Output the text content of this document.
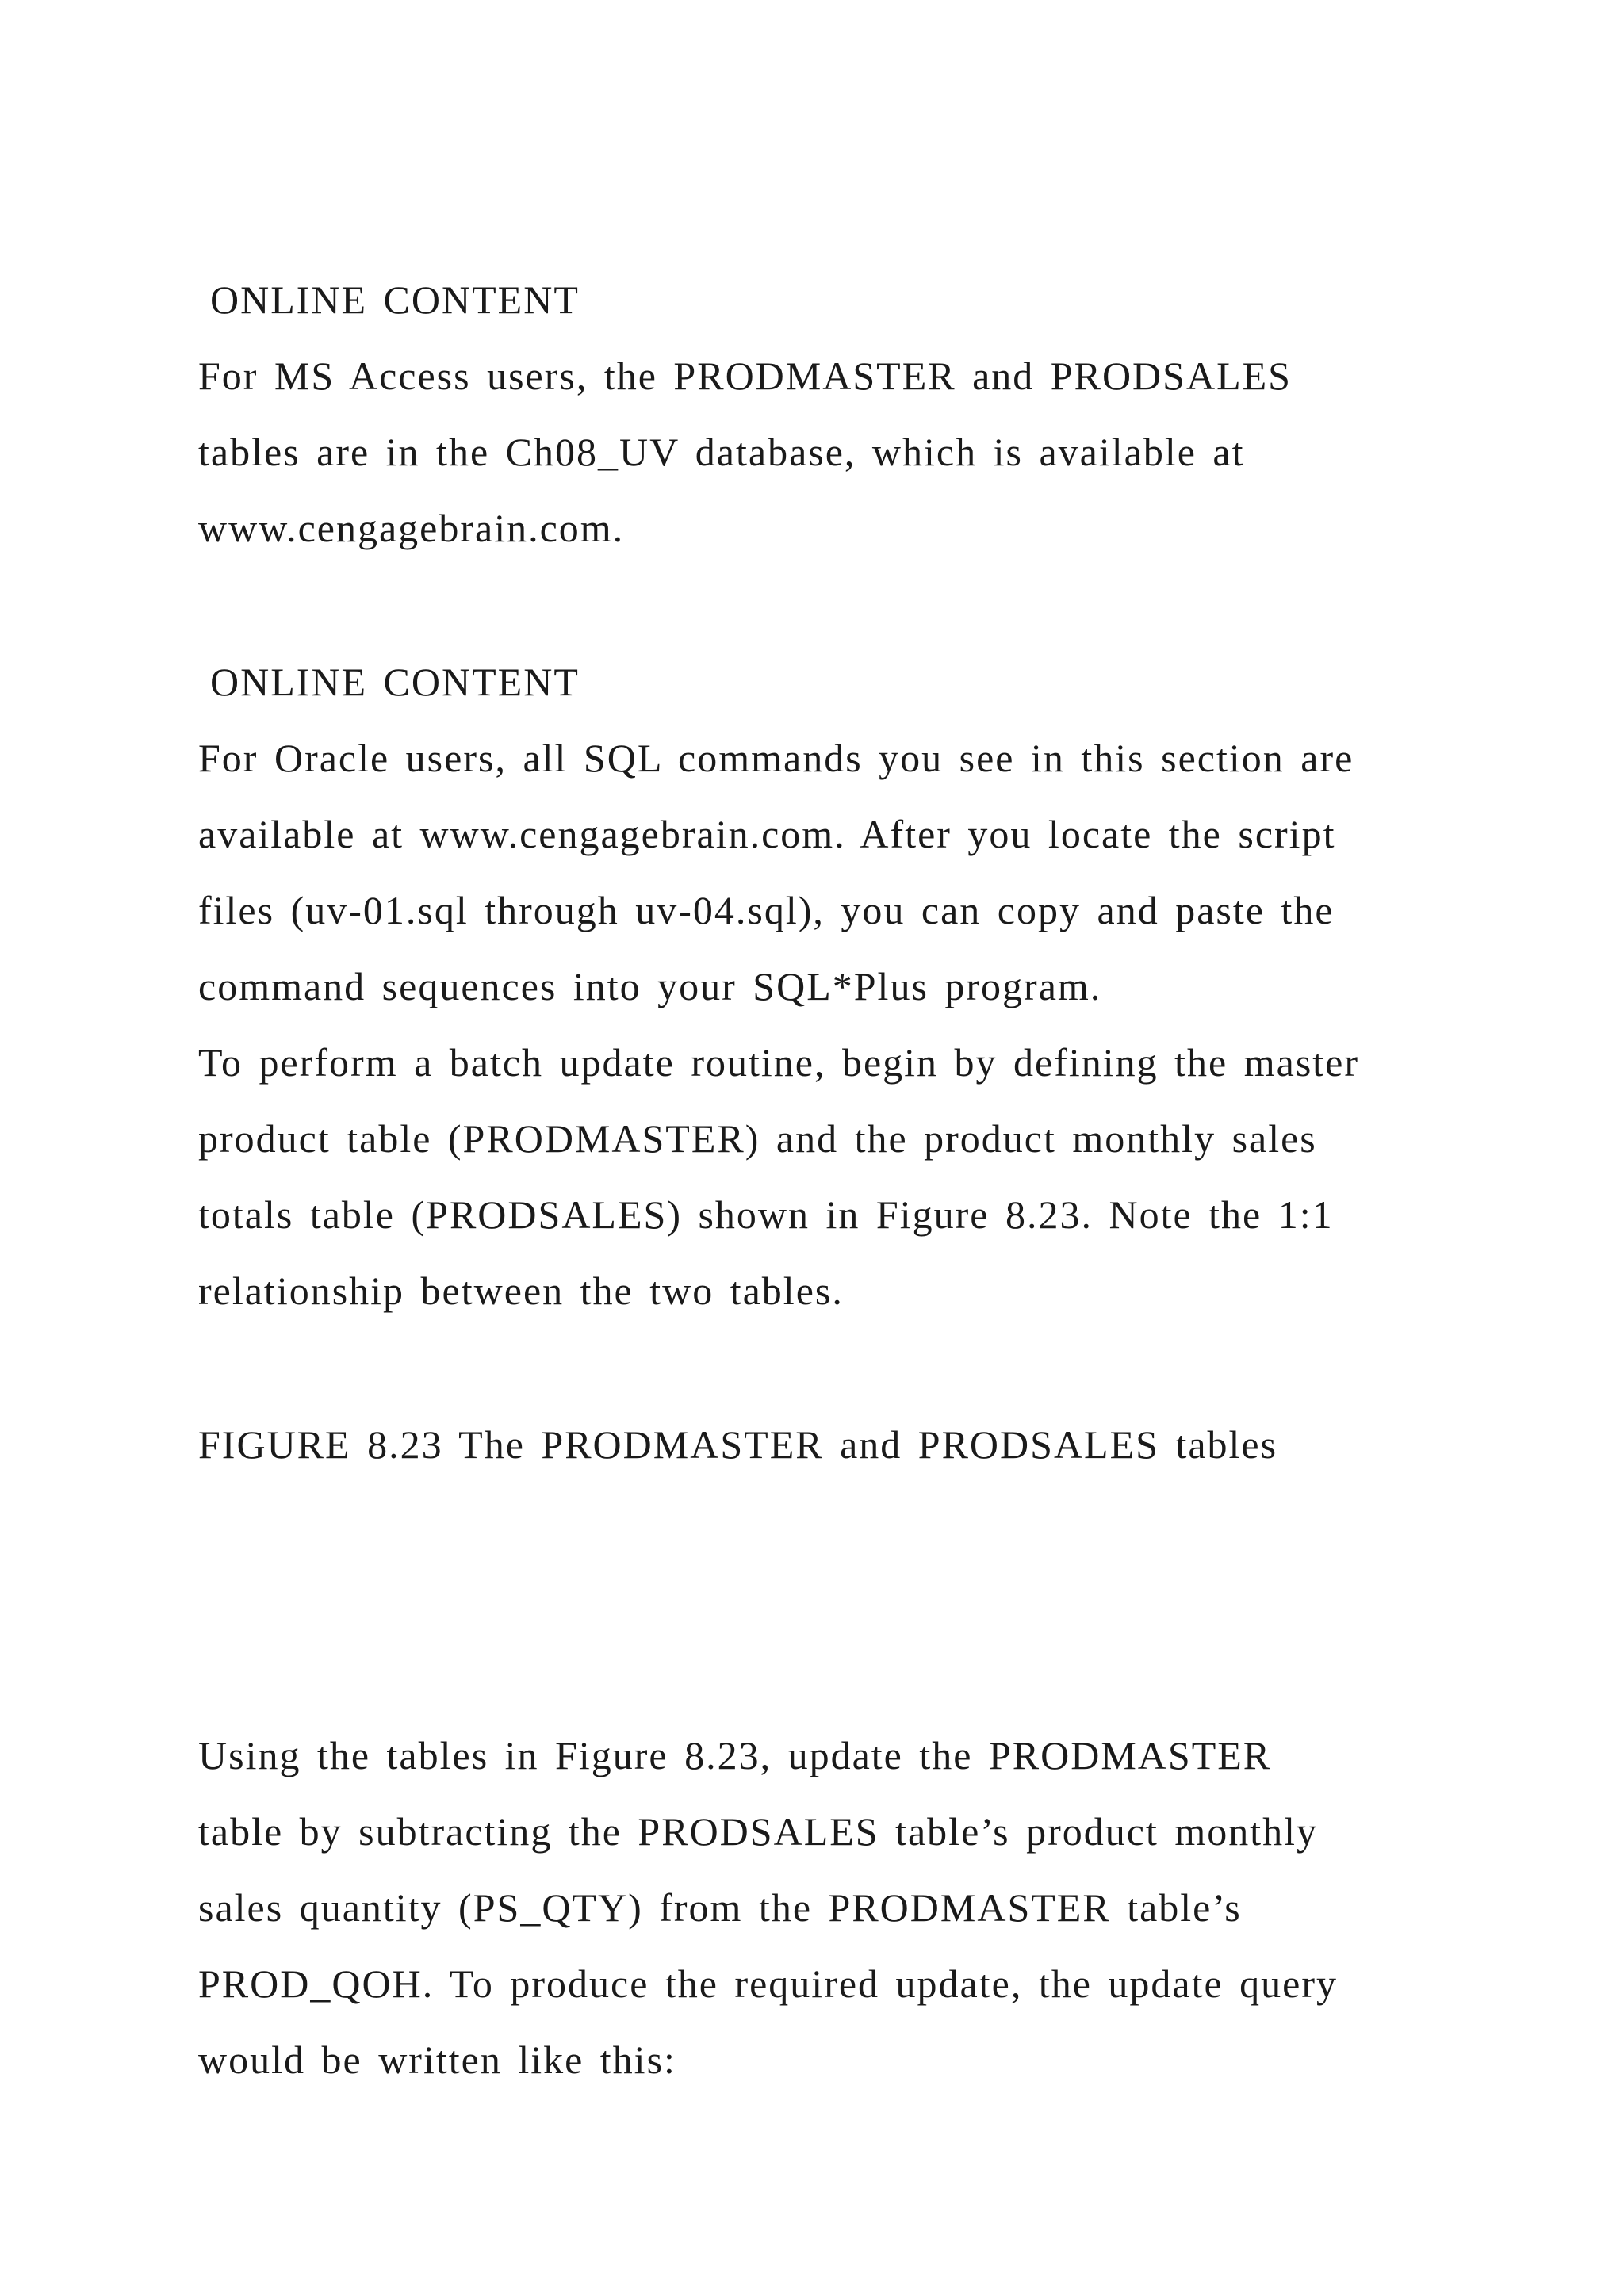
ONLINE CONTENT
For MS Access users, the PRODMASTER and PRODSALES
tables are in the Ch08_UV database, which is available at
www.cengagebrain.com.
ONLINE CONTENT
For Oracle users, all SQL commands you see in this section are
available at www.cengagebrain.com. After you locate the script
files (uv-01.sql through uv-04.sql), you can copy and paste the
command sequences into your SQL*Plus program.
To perform a batch update routine, begin by defining the master
product table (PRODMASTER) and the product monthly sales
totals table (PRODSALES) shown in Figure 8.23. Note the 1:1
relationship between the two tables.
FIGURE 8.23 The PRODMASTER and PRODSALES tables
Using the tables in Figure 8.23, update the PRODMASTER
table by subtracting the PRODSALES table’s product monthly
sales quantity (PS_QTY) from the PRODMASTER table’s
PROD_QOH. To produce the required update, the update query
would be written like this:
